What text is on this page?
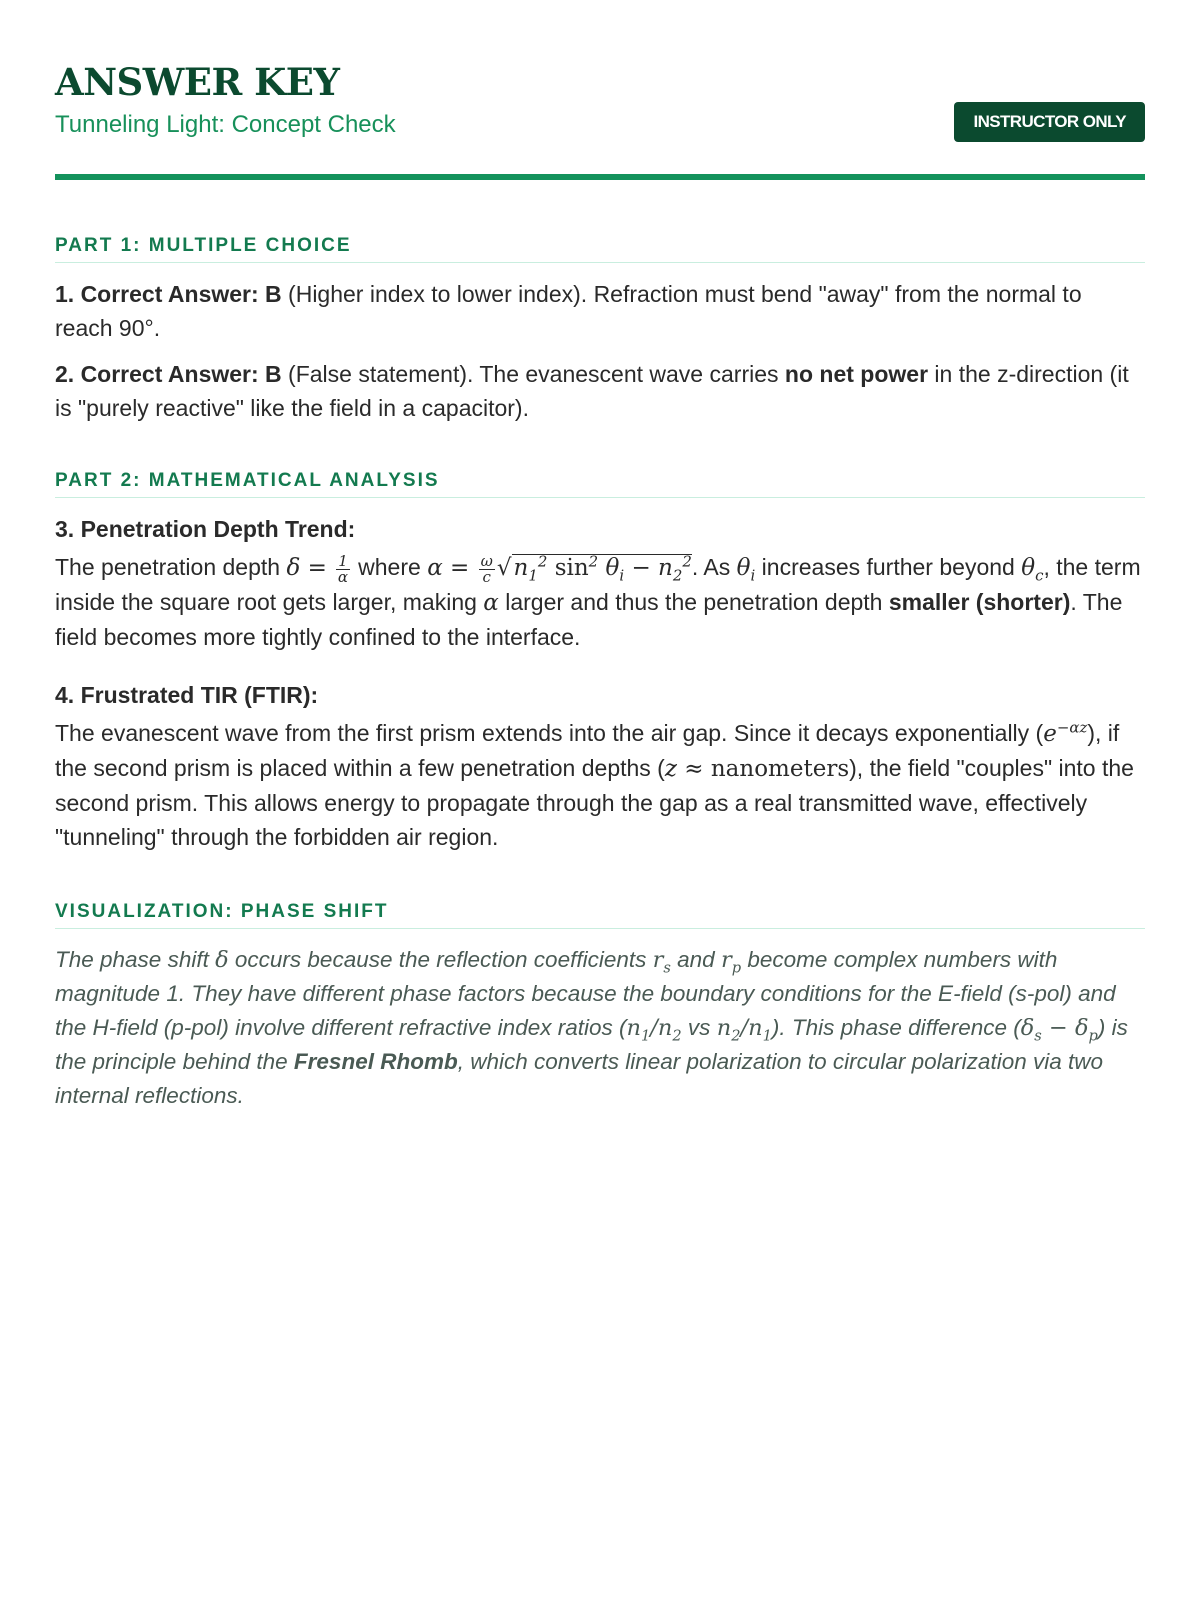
ANSWER KEY
Tunneling Light: Concept Check	INSTRUCTOR ONLY
PART 1: MULTIPLE CHOICE

1. Correct Answer: B (Higher index to lower index). Refraction must bend "away" from the normal to reach 90°.

2. Correct Answer: B (False statement). The evanescent wave carries no net power in the z-direction (it is "purely reactive" like the field in a capacitor).

PART 2: MATHEMATICAL ANALYSIS
3. Penetration Depth Trend:

The penetration depth $\delta = \frac{1}{\alpha}$ where $\alpha = \frac{\omega}{c} √n_1^2$ $\sin^2 \theta_i - n_2^2$. As $\theta_i$ increases further beyond $\theta_c$, the term inside the square root gets larger, making α larger and thus the penetration depth smaller (shorter). The field becomes more tightly confined to the interface.

4. Frustrated TIR (FTIR):

The evanescent wave from the first prism extends into the air gap. Since it decays exponentially $(e^{-\alpha z})$, if the second prism is placed within a few penetration depths (z ≈ nanometers), the field "couples" into the second prism. This allows energy to propagate through the gap as a real transmitted wave, effectively "tunneling" through the forbidden air region.

VISUALIZATION: PHASE SHIFT

The phase shift δ occurs because the reflection coefficients $r_s$ and $r_p$ become complex numbers with magnitude 1. They have different phase factors because the boundary conditions for the E-field (s-pol) and the H-field (p-pol) involve different refractive index ratios ($n_1/n_2$ vs $n_2/n_1$). This phase difference $(\delta_s - \delta_p)$ is the principle behind the Fresnel Rhomb, which converts linear polarization to circular polarization via two internal reflections.
